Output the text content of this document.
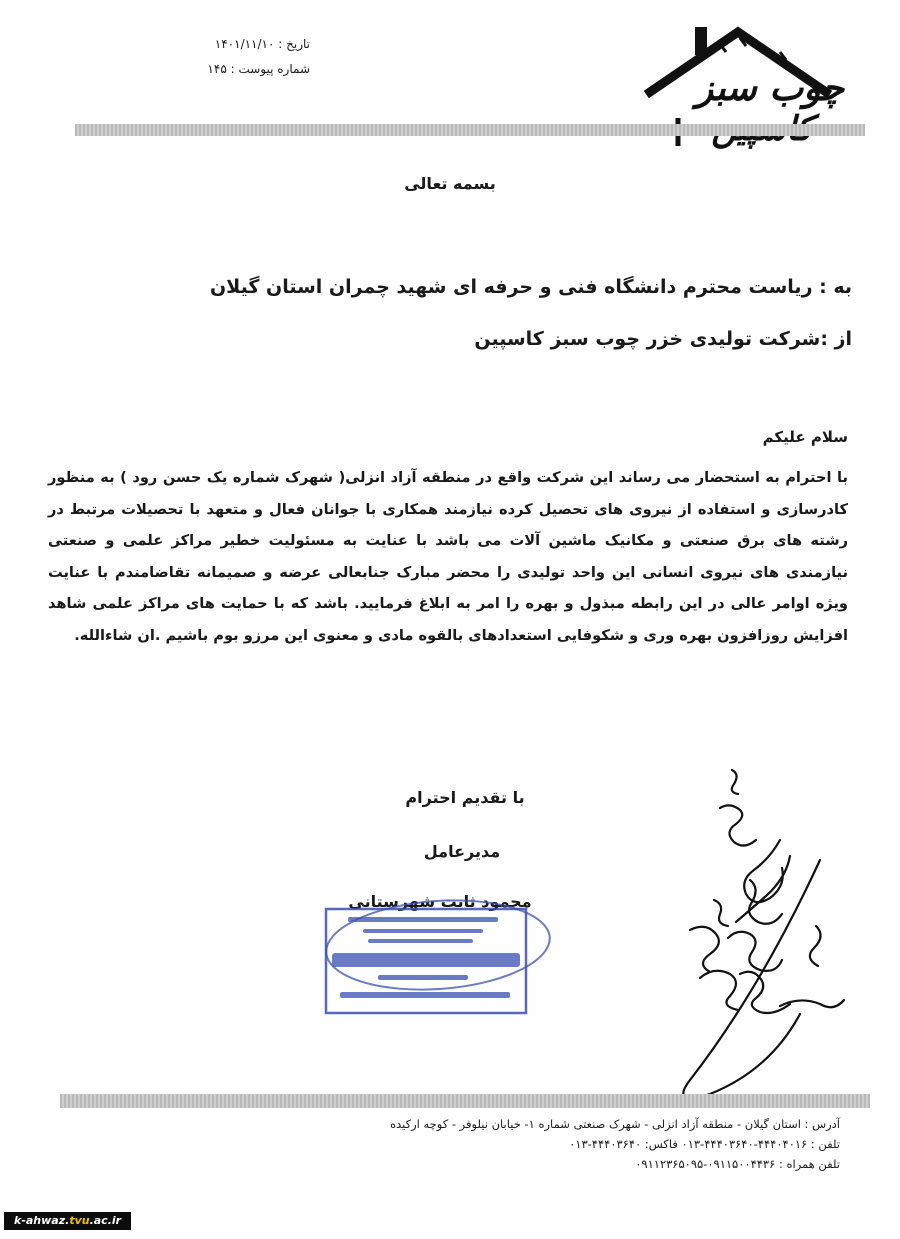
تاریخ : ۱۴۰۱/۱۱/۱۰
شماره پیوست : ۱۴۵	چوب سبز
بسمه تعالی
به : ریاست محترم دانشگاه فنی و حرفه ای شهید چمران استان گیلان
از :شرکت تولیدی خزر چوب سبز کاسپین
سلام علیکم

با احترام به استحضار می رساند این شرکت واقع در منطقه آزاد انزلی( شهرک شماره یک حسن رود ) به منظور کادرسازی و استفاده از نیروی های تحصیل کرده نیازمند همکاری با جوانان فعال و متعهد با تحصیلات مرتبط در رشته های برق صنعتی و مکانیک ماشین آلات می باشد با عنایت به مسئولیت خطیر مراکز علمی و صنعتی نیازمندی های نیروی انسانی این واحد تولیدی را محضر مبارک جنابعالی عرضه و صمیمانه تقاضامندم با عنایت ویژه اوامر عالی در این رابطه مبذول و بهره را امر به ابلاغ فرمایید. باشد که با حمایت های مراکز علمی شاهد افزایش روزافزون بهره وری و شکوفایی استعدادهای بالقوه مادی و معنوی این مرزو بوم باشیم .ان شاءالله.

با تقدیم احترام
مدیرعامل
محمود ثابت شهرستانی
آدرس : استان گیلان - منطقه آزاد انزلی - شهرک صنعتی شماره ۱- خیابان نیلوفر - کوچه ارکیده
تلفن : ۴۴۴۰۴۰۱۶-۴۴۴۰۳۶۴۰-۰۱۳ فاکس: ۴۴۴۰۳۶۴۰-۰۱۳
تلفن همراه : ۰۹۱۱۵۰۰۴۴۳۶-۰۹۱۱۲۳۶۵۰۹۵
k-ahwaz.tvu.ac.ir
